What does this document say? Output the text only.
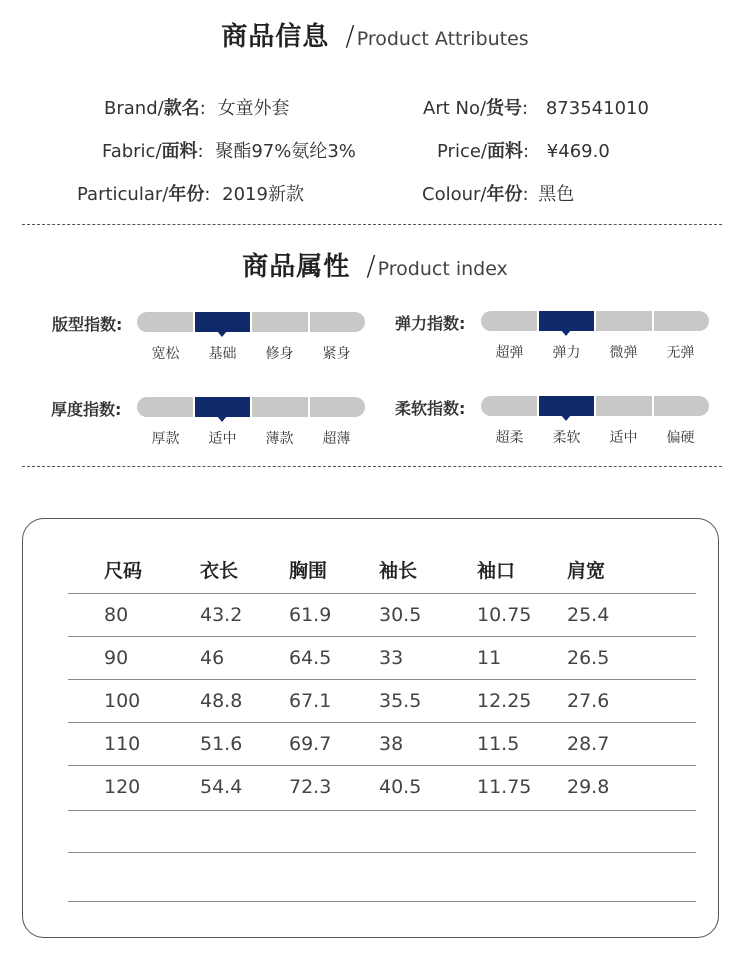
商品信息 / Product Attributes
Brand/款名: 女童外套	Art No/货号: 873541010
Fabric/面料: 聚酯97%氨纶3%	Price/面料: ¥469.0
Particular/年份: 2019新款	Colour/年份: 黑色
商品属性 / Product index
版型指数:
宽松	基础	修身	紧身
弹力指数:
超弹	弹力	微弹	无弹
厚度指数:
厚款	适中	薄款	超薄
柔软指数:
超柔	柔软	适中	偏硬
尺码	衣长	胸围	袖长	袖口	肩宽
80	43.2	61.9	30.5	10.75	25.4
90	46	64.5	33	11	26.5
100	48.8	67.1	35.5	12.25	27.6
110	51.6	69.7	38	11.5	28.7
120	54.4	72.3	40.5	11.75	29.8
